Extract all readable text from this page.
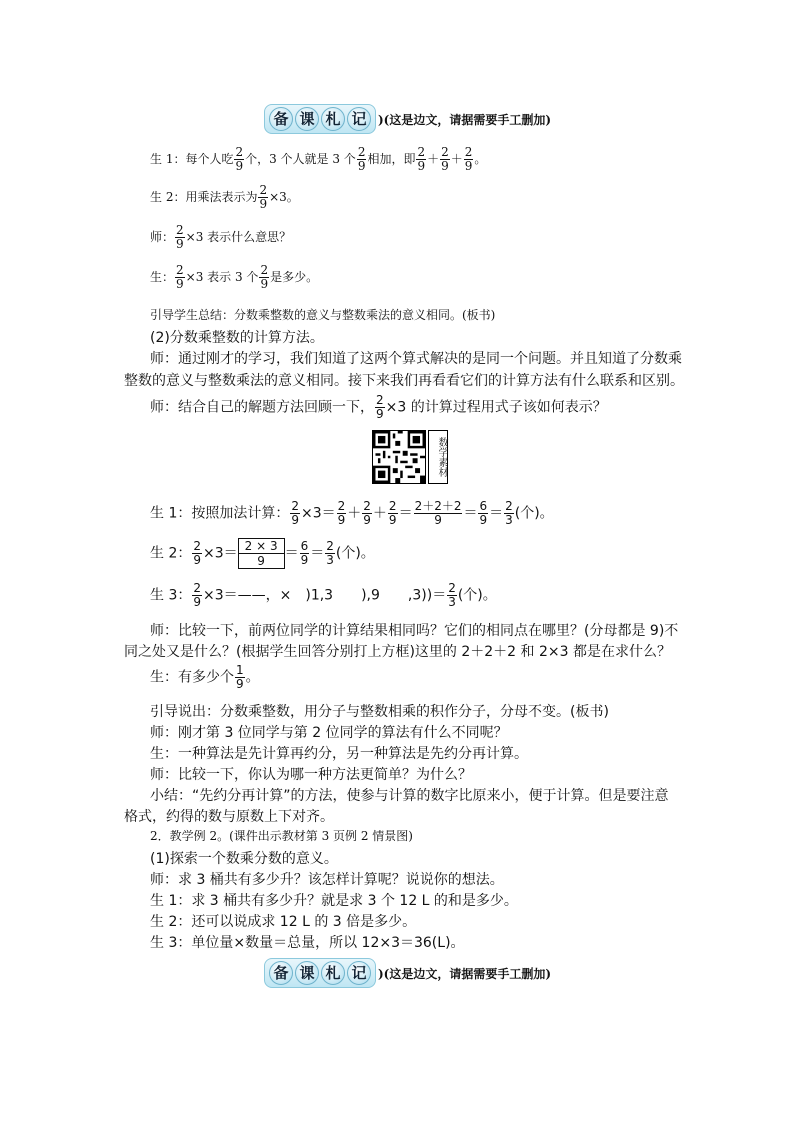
备 课 札 记 )(这是边文，请据需要手工删加)
生 1：每个人吃 $\frac{2}{9}$ 个，3 个人就是 3 个 $\frac{2}{9}$ 相加，即 $\frac{2}{9} + \frac{2}{9} + \frac{2}{9}$ 。
生 2：用乘法表示为 $\frac{2}{9} \times 3$。
师： $\frac{2}{9} \times 3$ 表示什么意思？
生： $\frac{2}{9} \times 3$ 表示 3 个 $\frac{2}{9}$ 是多少。
引导学生总结：分数乘整数的意义与整数乘法的意义相同。(板书)
(2)分数乘整数的计算方法。
师：通过刚才的学习，我们知道了这两个算式解决的是同一个问题。并且知道了分数乘
整数的意义与整数乘法的意义相同。接下来我们再看看它们的计算方法有什么联系和区别。
师：结合自己的解题方法回顾一下， $\frac{2}{9} \times 3$ 的计算过程用式子该如何表示？
数学素材
生 1：按照加法计算： $\frac{2}{9} \times 3= \frac{2}{9} + \frac{2}{9} + \frac{2}{9} = \frac{2+2+2}{9} = \frac{6}{9} = \frac{2}{3}$ (个)。
生 2： $\frac{2}{9} \times 3= \frac{2 \times 3}{9} = \frac{6}{9} = \frac{2}{3}$ (个)。
生 3： $\frac{2}{9}$ ×3＝——，×　)1,3　　),9　　$,3))= \frac{2}{3}$ (个)。
师：比较一下，前两位同学的计算结果相同吗？它们的相同点在哪里？(分母都是 9)不
同之处又是什么？(根据学生回答分别打上方框)这里的 2＋2＋2 和 2×3 都是在求什么？
生：有多少个 $\frac{1}{9}$ 。
引导说出：分数乘整数，用分子与整数相乘的积作分子，分母不变。(板书)
师：刚才第 3 位同学与第 2 位同学的算法有什么不同呢？
生：一种算法是先计算再约分，另一种算法是先约分再计算。
师：比较一下，你认为哪一种方法更简单？为什么？
小结：“先约分再计算”的方法，使参与计算的数字比原来小，便于计算。但是要注意
格式，约得的数与原数上下对齐。
2．教学例 2。(课件出示教材第 3 页例 2 情景图)
(1)探索一个数乘分数的意义。
师：求 3 桶共有多少升？该怎样计算呢？说说你的想法。
生 1：求 3 桶共有多少升？就是求 3 个 12 L 的和是多少。
生 2：还可以说成求 12 L 的 3 倍是多少。
生 3：单位量×数量＝总量，所以 12×3＝36(L)。
备 课 札 记 )(这是边文，请据需要手工删加)
